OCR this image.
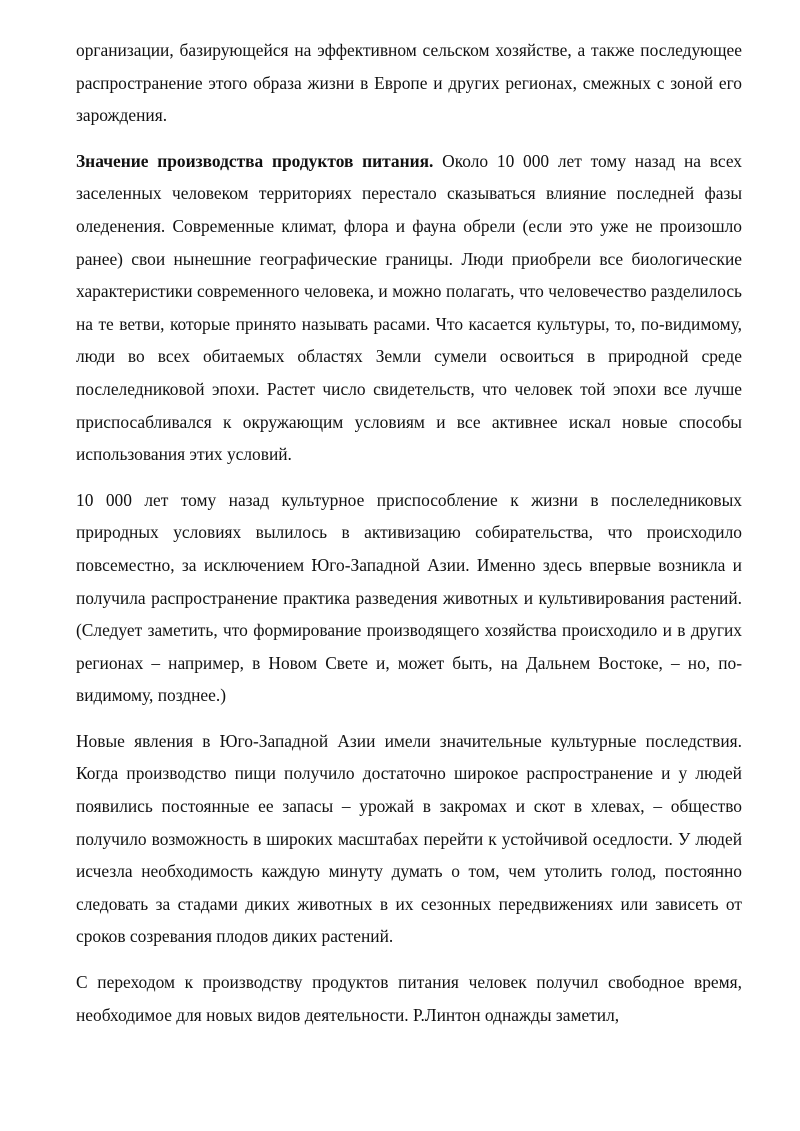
организации, базирующейся на эффективном сельском хозяйстве, а также последующее распространение этого образа жизни в Европе и других регионах, смежных с зоной его зарождения.

Значение производства продуктов питания. Около 10 000 лет тому назад на всех заселенных человеком территориях перестало сказываться влияние последней фазы оледенения. Современные климат, флора и фауна обрели (если это уже не произошло ранее) свои нынешние географические границы. Люди приобрели все биологические характеристики современного человека, и можно полагать, что человечество разделилось на те ветви, которые принято называть расами. Что касается культуры, то, по-видимому, люди во всех обитаемых областях Земли сумели освоиться в природной среде послеледниковой эпохи. Растет число свидетельств, что человек той эпохи все лучше приспосабливался к окружающим условиям и все активнее искал новые способы использования этих условий.

10 000 лет тому назад культурное приспособление к жизни в послеледниковых природных условиях вылилось в активизацию собирательства, что происходило повсеместно, за исключением Юго-Западной Азии. Именно здесь впервые возникла и получила распространение практика разведения животных и культивирования растений. (Следует заметить, что формирование производящего хозяйства происходило и в других регионах – например, в Новом Свете и, может быть, на Дальнем Востоке, – но, по-видимому, позднее.)

Новые явления в Юго-Западной Азии имели значительные культурные последствия. Когда производство пищи получило достаточно широкое распространение и у людей появились постоянные ее запасы – урожай в закромах и скот в хлевах, – общество получило возможность в широких масштабах перейти к устойчивой оседлости. У людей исчезла необходимость каждую минуту думать о том, чем утолить голод, постоянно следовать за стадами диких животных в их сезонных передвижениях или зависеть от сроков созревания плодов диких растений.

С переходом к производству продуктов питания человек получил свободное время, необходимое для новых видов деятельности. Р.Линтон однажды заметил,
